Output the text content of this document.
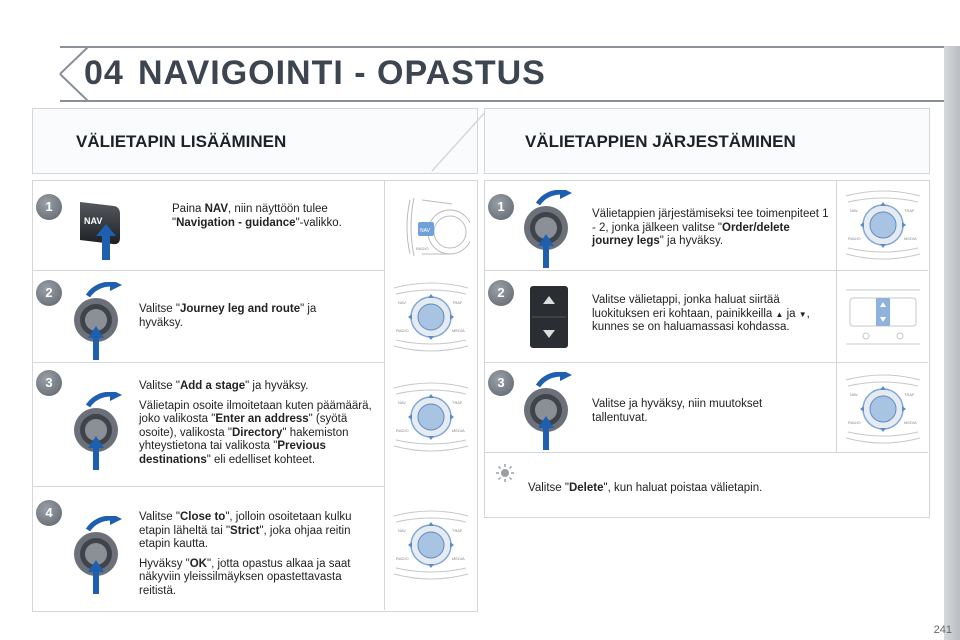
04 NAVIGOINTI - OPASTUS
VÄLIETAPIN LISÄÄMINEN	VÄLIETAPPIEN JÄRJESTÄMINEN
1
2
3
4
1
2
3
NAV
Paina NAV, niin näyttöön tulee "Navigation - guidance"-valikko.
Valitse "Journey leg and route" ja hyväksy.

Valitse "Add a stage" ja hyväksy.

Välietapin osoite ilmoitetaan kuten päämäärä, joko valikosta "Enter an address" (syötä osoite), valikosta "Directory" hakemiston yhteystietona tai valikosta "Previous destinations" eli edelliset kohteet.

Valitse "Close to", jolloin osoitetaan kulku etapin läheltä tai "Strict", joka ohjaa reitin etapin kautta.

Hyväksy "OK", jotta opastus alkaa ja saat näkyviin yleissilmäyksen opastettavasta reitistä.

Välietappien järjestämiseksi tee toimenpiteet 1 - 2, jonka jälkeen valitse "Order/delete journey legs" ja hyväksy.
Valitse välietappi, jonka haluat siirtää luokituksen eri kohtaan, painikkeilla ▲ ja ▼, kunnes se on haluamassasi kohdassa.
Valitse ja hyväksy, niin muutokset tallentuvat.
Valitse "Delete", kun haluat poistaa välietapin.
NAV
RADIO
NAV	TRAF
RADIO	MEDIA
NAV	TRAF
RADIO	MEDIA
NAV	TRAF
RADIO	MEDIA
NAV	TRAF
RADIO	MEDIA
NAV	TRAF
RADIO	MEDIA
241
